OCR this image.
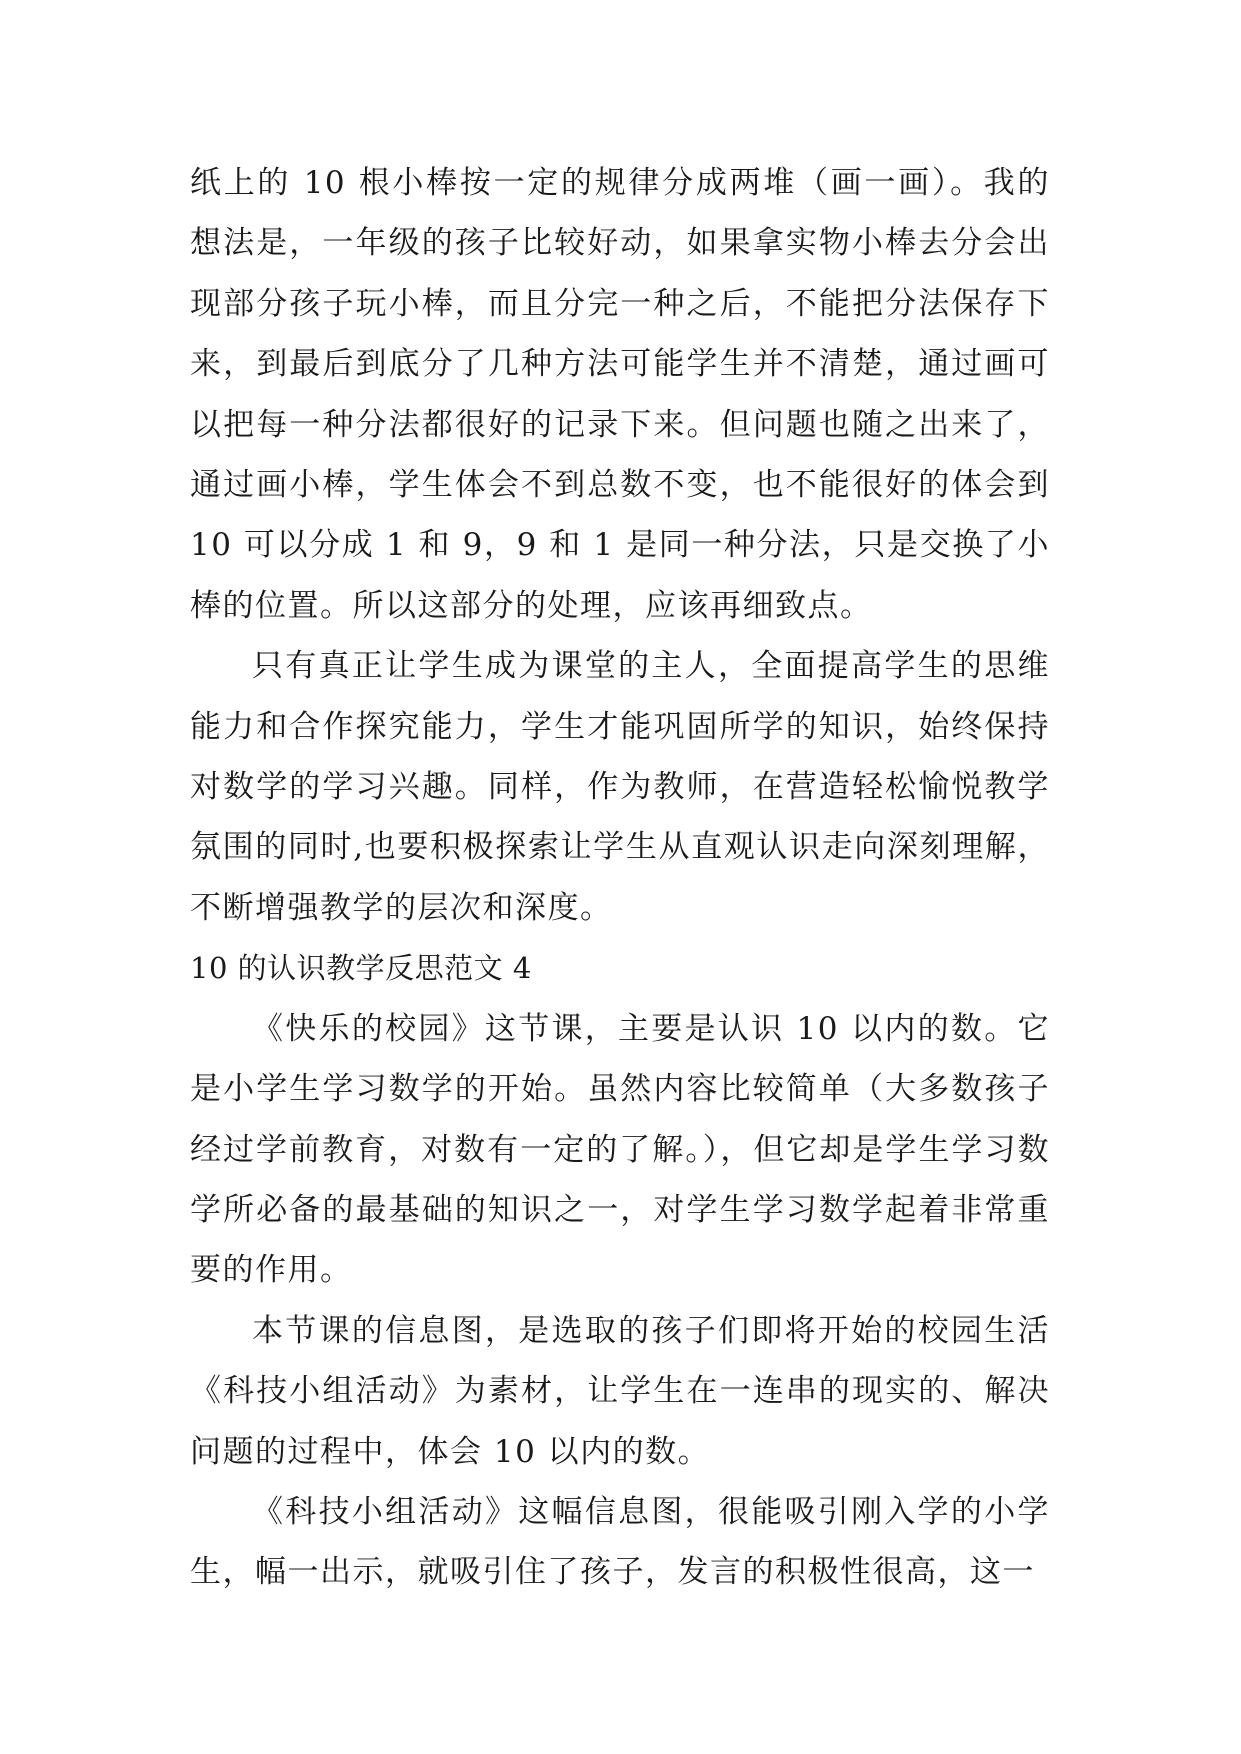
纸上的 10 根小棒按一定的规律分成两堆（画一画）。我的想法是，一年级的孩子比较好动，如果拿实物小棒去分会出现部分孩子玩小棒，而且分完一种之后，不能把分法保存下来，到最后到底分了几种方法可能学生并不清楚，通过画可以把每一种分法都很好的记录下来。但问题也随之出来了，通过画小棒，学生体会不到总数不变，也不能很好的体会到 10 可以分成 1 和 9，9 和 1 是同一种分法，只是交换了小棒的位置。所以这部分的处理，应该再细致点。

只有真正让学生成为课堂的主人，全面提高学生的思维能力和合作探究能力，学生才能巩固所学的知识，始终保持对数学的学习兴趣。同样，作为教师，在营造轻松愉悦教学氛围的同时,也要积极探索让学生从直观认识走向深刻理解，不断增强教学的层次和深度。

10 的认识教学反思范文 4

《快乐的校园》这节课，主要是认识 10 以内的数。它是小学生学习数学的开始。虽然内容比较简单（大多数孩子经过学前教育，对数有一定的了解。），但它却是学生学习数学所必备的最基础的知识之一，对学生学习数学起着非常重要的作用。

本节课的信息图，是选取的孩子们即将开始的校园生活《科技小组活动》为素材，让学生在一连串的现实的、解决问题的过程中，体会 10 以内的数。

《科技小组活动》这幅信息图，很能吸引刚入学的小学生，幅一出示，就吸引住了孩子，发言的积极性很高，这一
